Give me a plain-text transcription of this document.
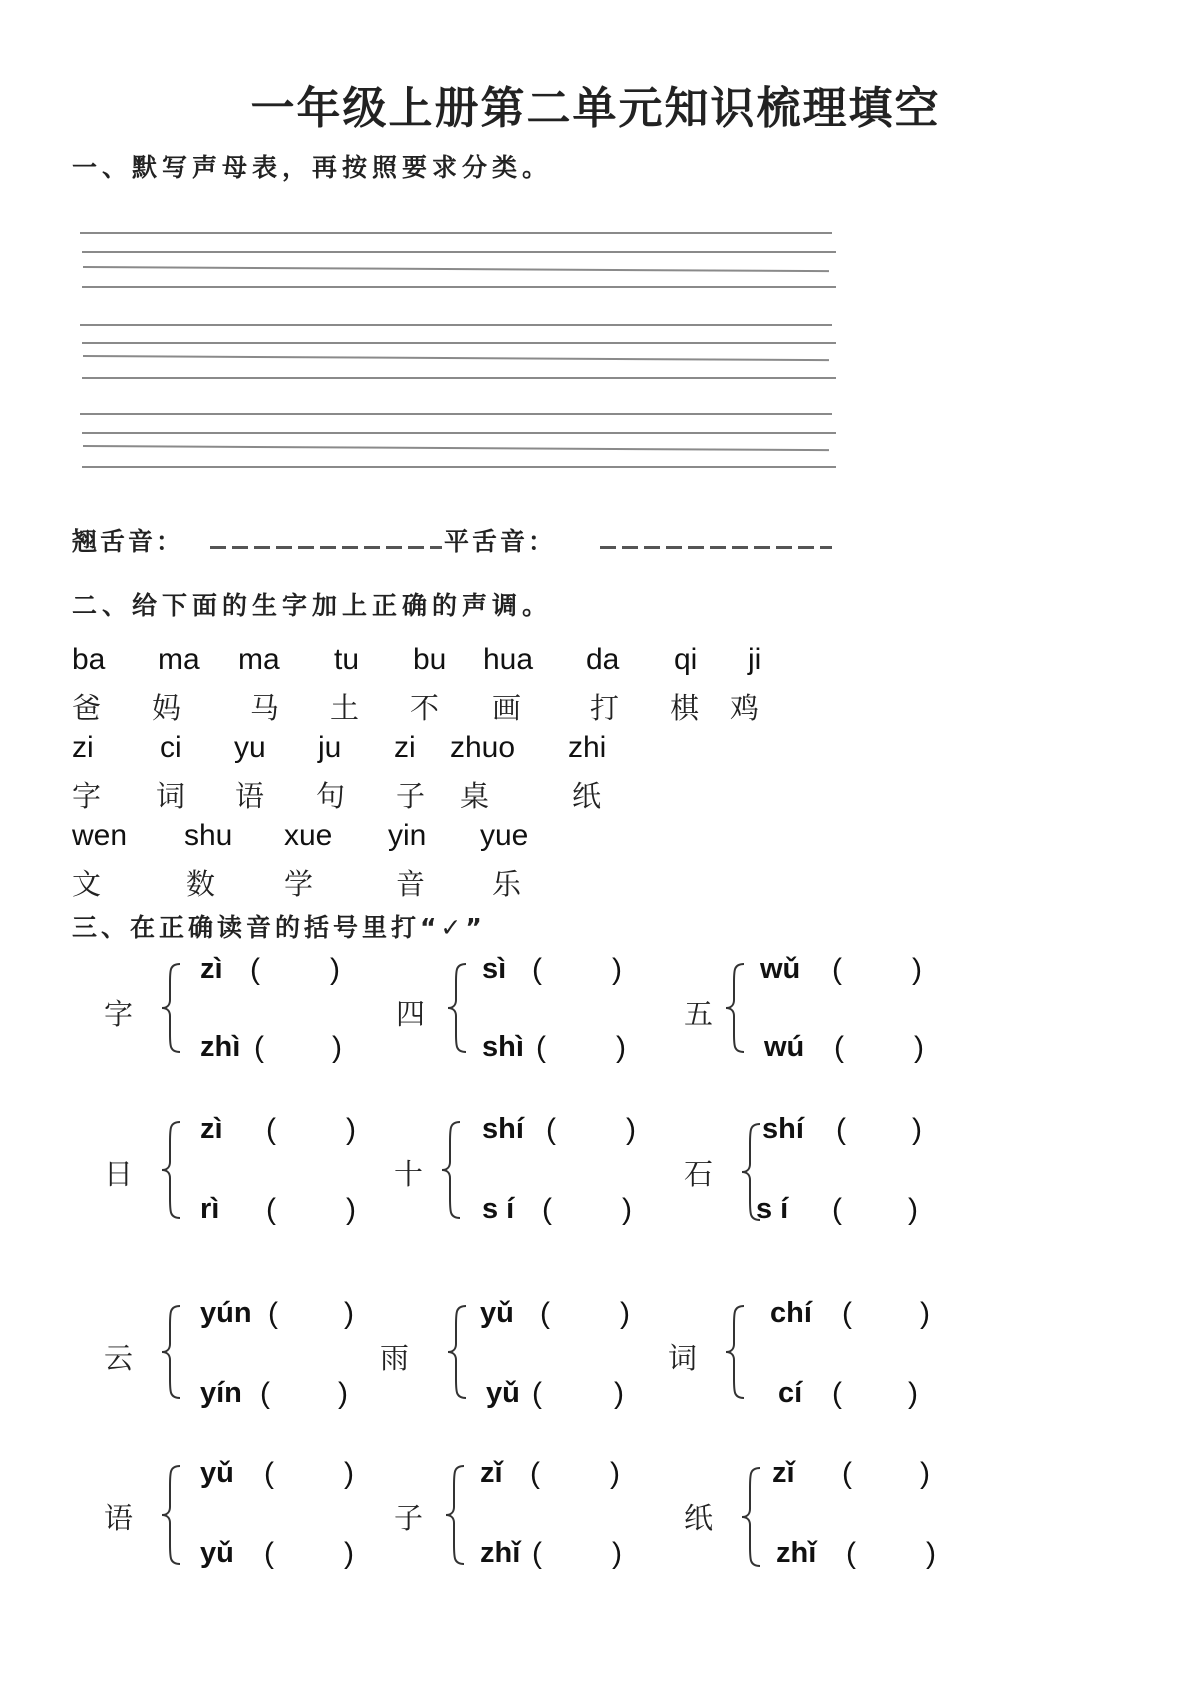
一年级上册第二单元知识梳理填空
一、默写声母表，再按照要求分类。
翘舌音：	平舌音：
二、给下面的生字加上正确的声调。
ba ma ma tu bu hua da qi ji
爸 妈 马 土 不 画 打 棋 鸡
zi ci yu ju zi zhuo zhi
字 词 语 句 子 桌	纸
wen shu xue yin yue
文	数 学	音 乐
三、在正确读音的括号里打“✓”
字
zì ( )
zhì ( )
四
sì ( )
shì ( )
五
wǔ ( )
wú ( )
日
zì ( )
rì ( )
十
shí ( )
s í ( )
石
shí ( )
s í ( )
云
yún ( )
yín ( )
雨
yǔ ( )
yǔ ( )
词
chí ( )
cí ( )
语
yǔ ( )
yǔ ( )
子
zǐ ( )
zhǐ ( )
纸
zǐ ( )
zhǐ ( )
